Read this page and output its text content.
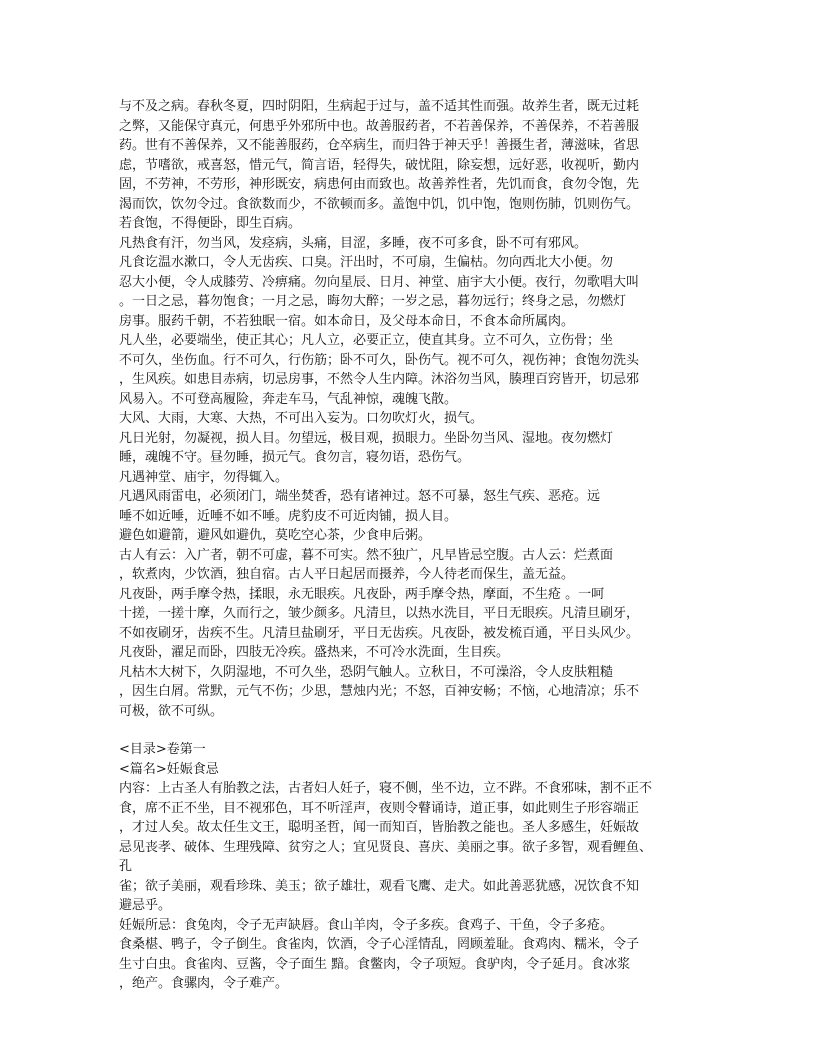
与不及之病。春秋冬夏，四时阴阳，生病起于过与，盖不适其性而强。故养生者，既无过耗

之弊，又能保守真元，何患乎外邪所中也。故善服药者，不若善保养，不善保养，不若善服

药。世有不善保养，又不能善服药，仓卒病生，而归咎于神天乎！善摄生者，薄滋味，省思

虑，节嗜欲，戒喜怒，惜元气，简言语，轻得失，破忧阻，除妄想，远好恶，收视听，勤内

固，不劳神，不劳形，神形既安，病患何由而致也。故善养性者，先饥而食，食勿令饱，先

渴而饮，饮勿令过。食欲数而少，不欲顿而多。盖饱中饥，饥中饱，饱则伤肺，饥则伤气。

若食饱，不得便卧，即生百病。

凡热食有汗，勿当风，发痉病，头痛，目涩，多睡，夜不可多食，卧不可有邪风。

凡食讫温水漱口，令人无齿疾、口臭。汗出时，不可扇，生偏枯。勿向西北大小便。勿

忍大小便，令人成膝劳、冷痹痛。勿向星辰、日月、神堂、庙宇大小便。夜行，勿歌唱大叫

。一日之忌，暮勿饱食；一月之忌，晦勿大醉；一岁之忌，暮勿远行；终身之忌，勿燃灯

房事。服药千朝，不若独眠一宿。如本命日，及父母本命日，不食本命所属肉。

凡人坐，必要端坐，使正其心；凡人立，必要正立，使直其身。立不可久，立伤骨；坐

不可久，坐伤血。行不可久，行伤筋；卧不可久，卧伤气。视不可久，视伤神；食饱勿洗头

，生风疾。如患目赤病，切忌房事，不然令人生内障。沐浴勿当风，腠理百窍皆开，切忌邪

风易入。不可登高履险，奔走车马，气乱神惊，魂魄飞散。

大风、大雨，大寒、大热，不可出入妄为。口勿吹灯火，损气。

凡日光射，勿凝视，损人目。勿望远，极目观，损眼力。坐卧勿当风、湿地。夜勿燃灯

睡，魂魄不守。昼勿睡，损元气。食勿言，寝勿语，恐伤气。

凡遇神堂、庙宇，勿得辄入。

凡遇风雨雷电，必须闭门，端坐焚香，恐有诸神过。怒不可暴，怒生气疾、恶疮。远

唾不如近唾，近唾不如不唾。虎豹皮不可近肉铺，损人目。

避色如避箭，避风如避仇，莫吃空心茶，少食申后粥。

古人有云：入广者，朝不可虚，暮不可实。然不独广，凡早皆忌空腹。古人云：烂煮面

，软煮肉，少饮酒，独自宿。古人平日起居而摄养，今人待老而保生，盖无益。

凡夜卧，两手摩令热，揉眼，永无眼疾。凡夜卧，两手摩令热，摩面，不生疮 。一呵

十搓，一搓十摩，久而行之，皱少颜多。凡清旦，以热水洗目，平日无眼疾。凡清旦刷牙，

不如夜刷牙，齿疾不生。凡清旦盐刷牙，平日无齿疾。凡夜卧，被发梳百通，平日头风少。

凡夜卧，濯足而卧，四肢无冷疾。盛热来，不可冷水洗面，生目疾。

凡枯木大树下，久阴湿地，不可久坐，恐阴气触人。立秋日，不可澡浴，令人皮肤粗糙

，因生白屑。常默，元气不伤；少思，慧烛内光；不怒，百神安畅；不恼，心地清凉；乐不

可极，欲不可纵。

<目录>卷第一

<篇名>妊娠食忌

内容：上古圣人有胎教之法，古者妇人妊子，寝不侧，坐不边，立不跸。不食邪味，割不正不

食，席不正不坐，目不视邪色，耳不听淫声，夜则令瞽诵诗，道正事，如此则生子形容端正

，才过人矣。故太任生文王，聪明圣哲，闻一而知百，皆胎教之能也。圣人多感生，妊娠故

忌见丧孝、破体、生理残障、贫穷之人；宜见贤良、喜庆、美丽之事。欲子多智，观看鲤鱼、

孔

雀；欲子美丽，观看珍珠、美玉；欲子雄壮，观看飞鹰、走犬。如此善恶犹感，况饮食不知

避忌乎。

妊娠所忌：食兔肉，令子无声缺唇。食山羊肉，令子多疾。食鸡子、干鱼，令子多疮。

食桑椹、鸭子，令子倒生。食雀肉，饮酒，令子心淫情乱，罔顾羞耻。食鸡肉、糯米，令子

生寸白虫。食雀肉、豆酱，令子面生 黯。食鳖肉，令子项短。食驴肉，令子延月。食冰浆

，绝产。食骡肉，令子难产。
